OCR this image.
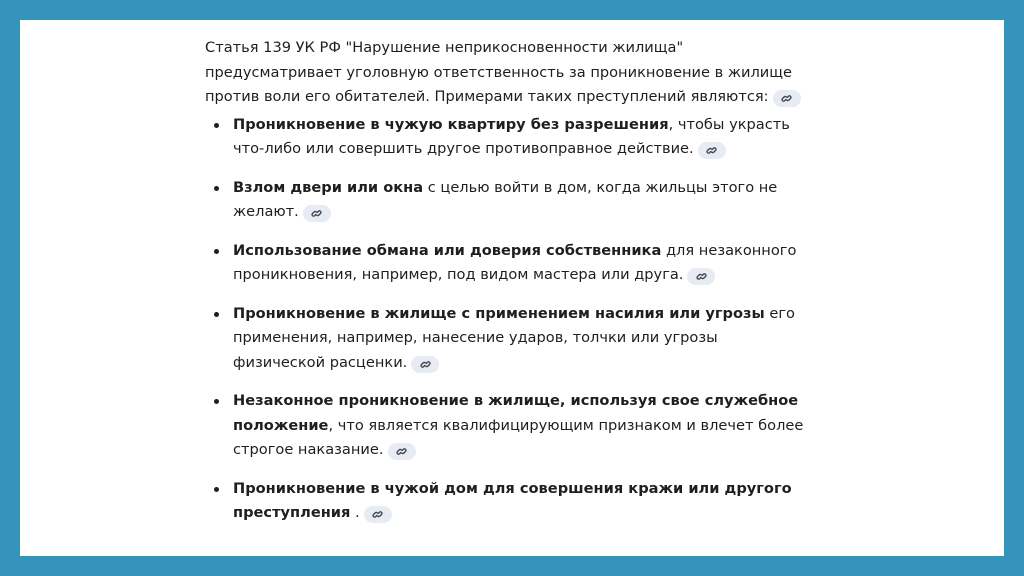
Статья 139 УК РФ "Нарушение неприкосновенности жилища" предусматривает уголовную ответственность за проникновение в жилище против воли его обитателей. Примерами таких преступлений являются:

Проникновение в чужую квартиру без разрешения, чтобы украсть что-либо или совершить другое противоправное действие.
Взлом двери или окна с целью войти в дом, когда жильцы этого не желают.
Использование обмана или доверия собственника для незаконного проникновения, например, под видом мастера или друга.
Проникновение в жилище с применением насилия или угрозы его применения, например, нанесение ударов, толчки или угрозы физической расценки.
Незаконное проникновение в жилище, используя свое служебное положение, что является квалифицирующим признаком и влечет более строгое наказание.
Проникновение в чужой дом для совершения кражи или другого преступления .
